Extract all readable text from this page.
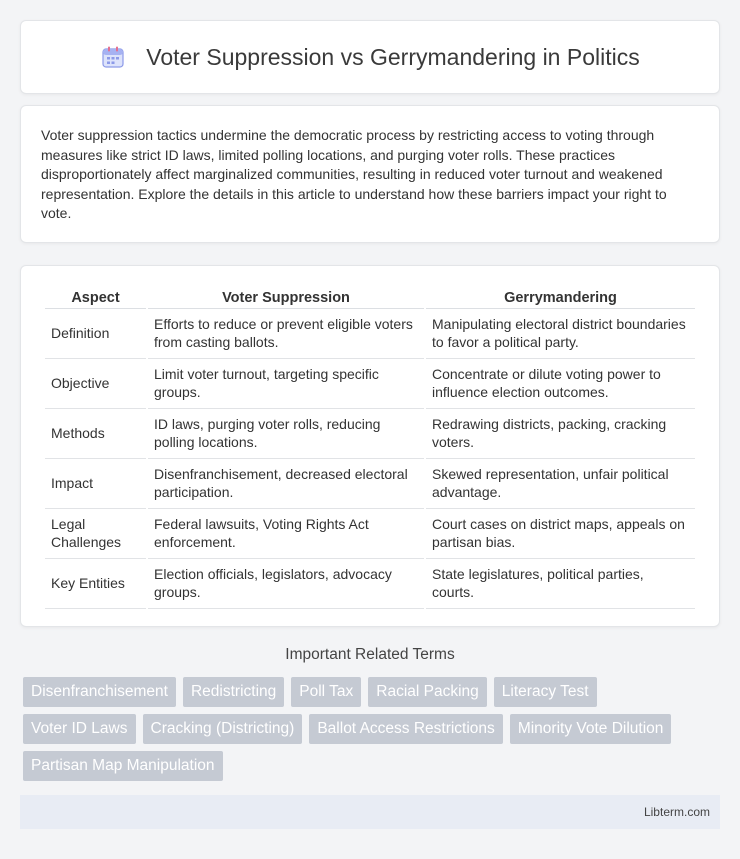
Voter Suppression vs Gerrymandering in Politics

Voter suppression tactics undermine the democratic process by restricting access to voting through measures like strict ID laws, limited polling locations, and purging voter rolls. These practices disproportionately affect marginalized communities, resulting in reduced voter turnout and weakened representation. Explore the details in this article to understand how these barriers impact your right to vote.

Aspect	Voter Suppression	Gerrymandering
Definition	Efforts to reduce or prevent eligible voters from casting ballots.	Manipulating electoral district boundaries to favor a political party.
Objective	Limit voter turnout, targeting specific groups.	Concentrate or dilute voting power to influence election outcomes.
Methods	ID laws, purging voter rolls, reducing polling locations.	Redrawing districts, packing, cracking voters.
Impact	Disenfranchisement, decreased electoral participation.	Skewed representation, unfair political advantage.
Legal Challenges	Federal lawsuits, Voting Rights Act enforcement.	Court cases on district maps, appeals on partisan bias.
Key Entities	Election officials, legislators, advocacy groups.	State legislatures, political parties, courts.
Important Related Terms
Disenfranchisement	Redistricting	Poll Tax	Racial Packing	Literacy Test
Voter ID Laws	Cracking (Districting)	Ballot Access Restrictions	Minority Vote Dilution
Partisan Map Manipulation
Libterm.com
